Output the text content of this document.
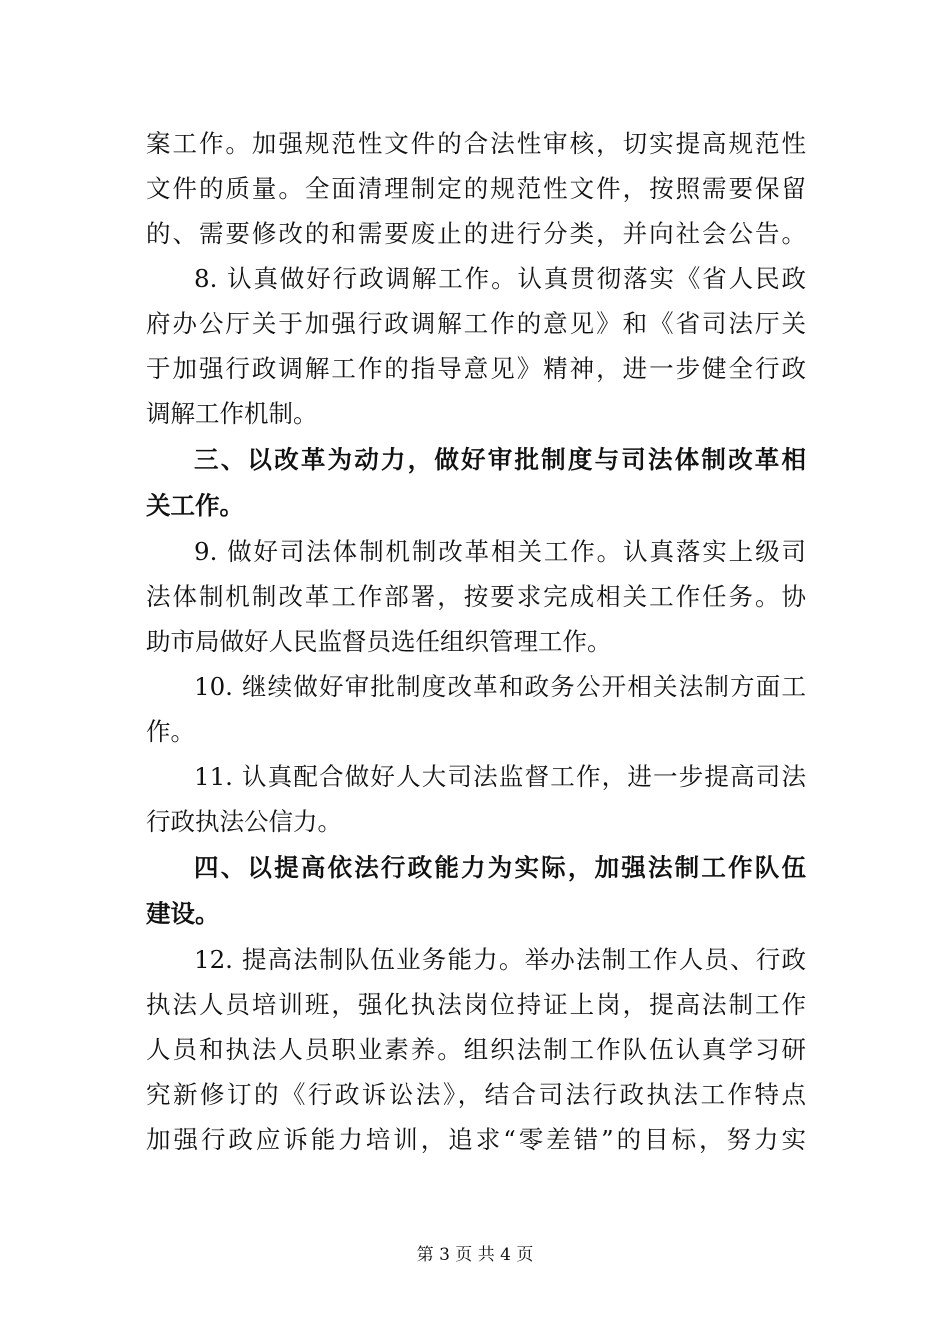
案工作。加强规范性文件的合法性审核，切实提高规范性
文件的质量。全面清理制定的规范性文件，按照需要保留
的、需要修改的和需要废止的进行分类，并向社会公告。
8. 认真做好行政调解工作。认真贯彻落实《省人民政
府办公厅关于加强行政调解工作的意见》和《省司法厅关
于加强行政调解工作的指导意见》精神，进一步健全行政
调解工作机制。
三、以改革为动力，做好审批制度与司法体制改革相
关工作。
9. 做好司法体制机制改革相关工作。认真落实上级司
法体制机制改革工作部署，按要求完成相关工作任务。协
助市局做好人民监督员选任组织管理工作。
10. 继续做好审批制度改革和政务公开相关法制方面工
作。
11. 认真配合做好人大司法监督工作，进一步提高司法
行政执法公信力。
四、以提高依法行政能力为实际，加强法制工作队伍
建设。
12. 提高法制队伍业务能力。举办法制工作人员、行政
执法人员培训班，强化执法岗位持证上岗，提高法制工作
人员和执法人员职业素养。组织法制工作队伍认真学习研
究新修订的《行政诉讼法》，结合司法行政执法工作特点
加强行政应诉能力培训，追求“零差错”的目标，努力实
第 3 页 共 4 页
